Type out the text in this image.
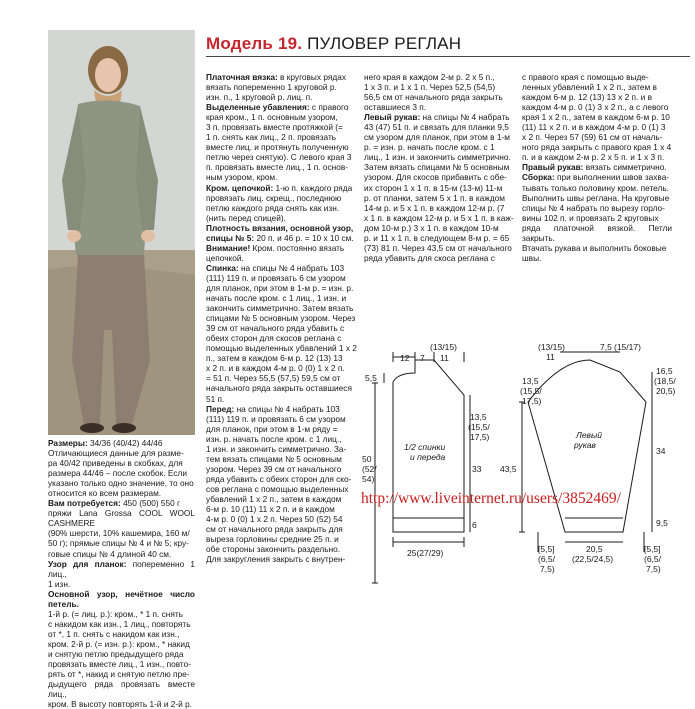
Модель 19. ПУЛОВЕР РЕГЛАН

Размеры: 34/36 (40/42) 44/46

Отличающиеся данные для разме-

ра 40/42 приведены в скобках, для

размера 44/46 – после скобок. Если

указано только одно значение, то оно

относится ко всем размерам.

Вам потребуется: 450 (500) 550 г

пряжи Lana Grossa COOL WOOL CASHMERE

(90% шерсти, 10% кашемира, 160 м/

50 г); прямые спицы № 4 и № 5; кру-

говые спицы № 4 длиной 40 см.

Узор для планок: попеременно 1 лиц.,

1 изн.

Основной узор, нечётное число петель.

1-й р. (= лиц. р.): кром., * 1 п. снять

с накидом как изн., 1 лиц., повторять

от *, 1 п. снять с накидом как изн.,

кром. 2-й р. (= изн. р.): кром., * накид

и снятую петлю предыдущего ряда

провязать вместе лиц., 1 изн., повто-

рять от *, накид и снятую петлю пре-

дыдущего ряда провязать вместе лиц.,

кром. В высоту повторять 1-й и 2-й р.

Платочная вязка: в круговых рядах

вязать попеременно 1 круговой р.

изн. п., 1 круговой р. лиц. п.

Выделенные убавления: с правого

края кром., 1 п. основным узором,

3 п. провязать вместе протяжкой (=

1 п. снять как лиц., 2 п. провязать

вместе лиц. и протянуть полученную

петлю через снятую). С левого края 3

п. провязать вместе лиц., 1 п. основ-

ным узором, кром.

Кром. цепочкой: 1-ю п. каждого ряда

провязать лиц. скрещ., последнюю

петлю каждого ряда снять как изн.

(нить перед спицей).

Плотность вязания, основной узор,

спицы № 5: 20 п. и 46 р. = 10 х 10 см.

Внимание! Кром. постоянно вязать

цепочкой.

Спинка: на спицы № 4 набрать 103

(111) 119 п. и провязать 6 см узором

для планок, при этом в 1-м р. = изн. р.

начать после кром. с 1 лиц., 1 изн. и

закончить симметрично. Затем вязать

спицами № 5 основным узором. Через

39 см от начального ряда убавить с

обеих сторон для скосов реглана с

помощью выделенных убавлений 1 х 2

п., затем в каждом 6-м р. 12 (13) 13

х 2 п. и в каждом 4-м р. 0 (0) 1 х 2 п.

= 51 п. Через 55,5 (57,5) 59,5 см от

начального ряда закрыть оставшиеся

51 п.

Перед: на спицы № 4 набрать 103

(111) 119 п. и провязать 6 см узором

для планок, при этом в 1-м ряду =

изн. р. начать после кром. с 1 лиц.,

1 изн. и закончить симметрично. За-

тем вязать спицами № 5 основным

узором. Через 39 см от начального

ряда убавить с обеих сторон для ско-

сов реглана с помощью выделенных

убавлений 1 х 2 п., затем в каждом

6-м р. 10 (11) 11 х 2 п. и в каждом

4-м р. 0 (0) 1 х 2 п. Через 50 (52) 54

см от начального ряда закрыть для

выреза горловины средние 25 п. и

обе стороны закончить раздельно.

Для закругления закрыть с внутрен-

него края в каждом 2-м р. 2 х 5 п.,

1 х 3 п. и 1 х 1 п. Через 52,5 (54,5)

56,5 см от начального ряда закрыть

оставшиеся 3 п.

Левый рукав: на спицы № 4 набрать

43 (47) 51 п. и связать для планки 9,5

см узором для планок, при этом в 1-м

р. = изн. р. начать после кром. с 1

лиц., 1 изн. и закончить симметрично.

Затем вязать спицами № 5 основным

узором. Для скосов прибавить с обе-

их сторон 1 х 1 п. в 15-м (13-м) 11-м

р. от планки, затем 5 х 1 п. в каждом

14-м р. и 5 х 1 п. в каждом 12-м р. (7

х 1 п. в каждом 12-м р. и 5 х 1 п. в каж-

дом 10-м р.) 3 х 1 п. в каждом 10-м

р. и 11 х 1 п. в следующем 8-м р. = 65

(73) 81 п. Через 43,5 см от начального

ряда убавить для скоса реглана с

с правого края с помощью выде-

ленных убавлений 1 х 2 п., затем в

каждом 6-м р. 12 (13) 13 х 2 п. и в

каждом 4-м р. 0 (1) 3 х 2 п., а с левого

края 1 х 2 п., затем в каждом 6-м р. 10

(11) 11 х 2 п. и в каждом 4-м р. 0 (1) 3

х 2 п. Через 57 (59) 61 см от началь-

ного ряда закрыть с правого края 1 х 4

п. и в каждом 2-м р. 2 х 5 п. и 1 х 3 п.

Правый рукав: вязать симметрично.

Сборка: при выполнении швов захва-

тывать только половину кром. петель.

Выполнить швы реглана. На круговые

спицы № 4 набрать по вырезу горло-

вины 102 п. и провязать 2 круговых

ряда платочной вязкой. Петли закрыть.

Втачать рукава и выполнить боковые

швы.

12 7
(13/15)
11
5,5
13,5
(15,5/
17,5)
1/2 спинки
и переда
50
(52/
54)
33
6
25(27/29)
(13/15)
11
7,5 (15/17)
13,5
(15,5/
17,5)
16,5
(18,5/
20,5)
Левый
рукав
43,5
34
9,5
20,5
(22,5/24,5)
[5,5]
(6,5/
7,5)
[5,5]
(6,5/
7,5)
http://www.liveinternet.ru/users/3852469/
